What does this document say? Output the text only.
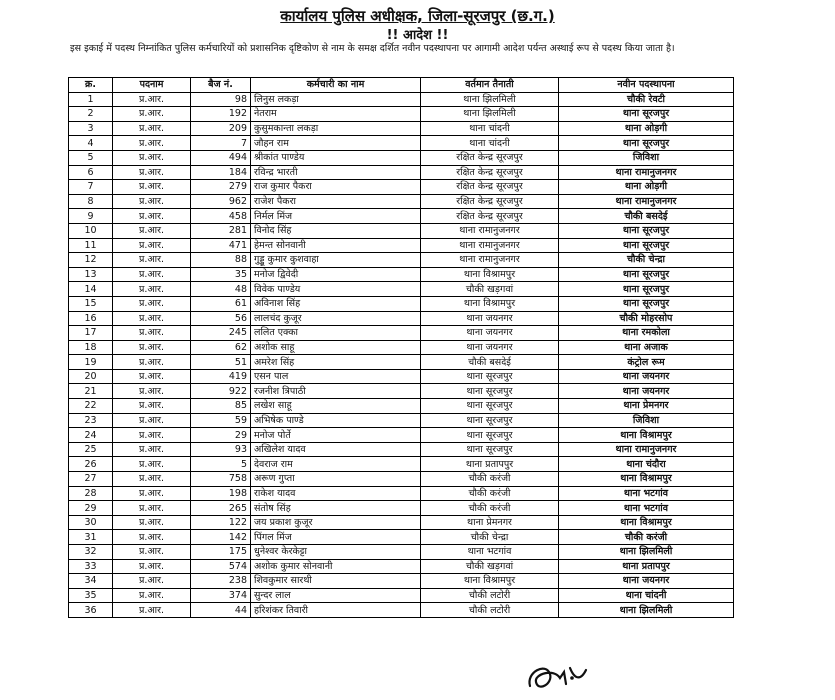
कार्यालय पुलिस अधीक्षक, जिला-सूरजपुर (छ.ग.)
!! आदेश !!
इस इकाई में पदस्थ निम्नांकित पुलिस कर्मचारियों को प्रशासनिक दृष्टिकोण से नाम के समक्ष दर्शित नवीन पदस्थापना पर आगामी आदेश पर्यन्त अस्थाई रूप से पदस्थ किया जाता है।
क्र.	पदनाम	बैज नं.	कर्मचारी का नाम	वर्तमान तैनाती	नवीन पदस्थापना
1	प्र.आर.	98	लिनुस लकड़ा	थाना झिलमिली	चौकी रेवटी
2	प्र.आर.	192	नेतराम	थाना झिलमिली	थाना सूरजपुर
3	प्र.आर.	209	कुसुमकान्ता लकड़ा	थाना चांदनी	थाना ओड़गी
4	प्र.आर.	7	जौहन राम	थाना चांदनी	थाना सूरजपुर
5	प्र.आर.	494	श्रीकांत पाण्डेय	रक्षित केन्द्र सूरजपुर	जिविशा
6	प्र.आर.	184	रविन्द्र भारती	रक्षित केन्द्र सूरजपुर	थाना रामानुजनगर
7	प्र.आर.	279	राज कुमार पैकरा	रक्षित केन्द्र सूरजपुर	थाना ओड़गी
8	प्र.आर.	962	राजेश पैकरा	रक्षित केन्द्र सूरजपुर	थाना रामानुजनगर
9	प्र.आर.	458	निर्मल मिंज	रक्षित केन्द्र सूरजपुर	चौकी बसदेई
10	प्र.आर.	281	विनोद सिंह	थाना रामानुजनगर	थाना सूरजपुर
11	प्र.आर.	471	हेमन्त सोनवानी	थाना रामानुजनगर	थाना सूरजपुर
12	प्र.आर.	88	गुड्डू कुमार कुशवाहा	थाना रामानुजनगर	चौकी चेन्द्रा
13	प्र.आर.	35	मनोज द्विवेदी	थाना विश्रामपुर	थाना सूरजपुर
14	प्र.आर.	48	विवेक पाण्डेय	चौकी खड़गवां	थाना सूरजपुर
15	प्र.आर.	61	अविनाश सिंह	थाना विश्रामपुर	थाना सूरजपुर
16	प्र.आर.	56	लालचंद कुजूर	थाना जयनगर	चौकी मोहरसोप
17	प्र.आर.	245	ललित एक्का	थाना जयनगर	थाना रमकोला
18	प्र.आर.	62	अशोक साहू	थाना जयनगर	थाना अजाक
19	प्र.आर.	51	अमरेश सिंह	चौकी बसदेई	कंट्रोल रूम
20	प्र.आर.	419	एसन पाल	थाना सूरजपुर	थाना जयनगर
21	प्र.आर.	922	रजनीश त्रिपाठी	थाना सूरजपुर	थाना जयनगर
22	प्र.आर.	85	लखेश साहू	थाना सूरजपुर	थाना प्रेमनगर
23	प्र.आर.	59	अभिषेक पाण्डे	थाना सूरजपुर	जिविशा
24	प्र.आर.	29	मनोज पोर्ते	थाना सूरजपुर	थाना विश्रामपुर
25	प्र.आर.	93	अखिलेश यादव	थाना सूरजपुर	थाना रामानुजनगर
26	प्र.आर.	5	देवराज राम	थाना प्रतापपुर	थाना चंदौरा
27	प्र.आर.	758	अरूण गुप्ता	चौकी करंजी	थाना विश्रामपुर
28	प्र.आर.	198	राकेश यादव	चौकी करंजी	थाना भटगांव
29	प्र.आर.	265	संतोष सिंह	चौकी करंजी	थाना भटगांव
30	प्र.आर.	122	जय प्रकाश कुजूर	थाना प्रेमनगर	थाना विश्रामपुर
31	प्र.आर.	142	पिंगल मिंज	चौकी चेन्द्रा	चौकी करंजी
32	प्र.आर.	175	धुनेश्वर केरकेट्टा	थाना भटगांव	थाना झिलमिली
33	प्र.आर.	574	अशोक कुमार सोनवानी	चौकी खड़गवां	थाना प्रतापपुर
34	प्र.आर.	238	शिवकुमार सारथी	थाना विश्रामपुर	थाना जयनगर
35	प्र.आर.	374	सुन्दर लाल	चौकी लटोरी	थाना चांदनी
36	प्र.आर.	44	हरिशंकर तिवारी	चौकी लटोरी	थाना झिलमिली
